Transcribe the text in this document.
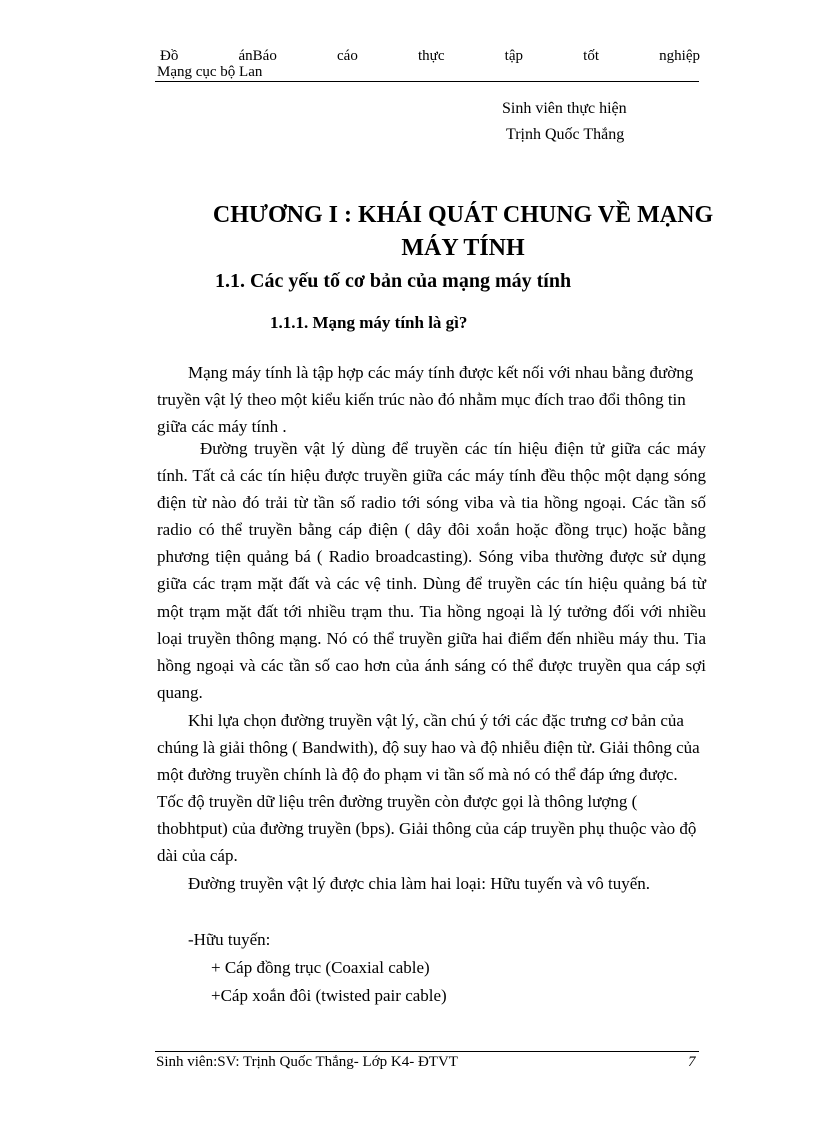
Đồ	ánBáo	cáo	thực	tập	tốt	nghiệp
Mạng cục bộ Lan
Sinh viên thực hiện
Trịnh Quốc Thắng
CHƯƠNG I : KHÁI QUÁT CHUNG VỀ MẠNG
MÁY TÍNH
1.1. Các yếu tố cơ bản của mạng máy tính
1.1.1. Mạng máy tính là gì?

Mạng máy tính là tập hợp các máy tính được kết nối với nhau bằng đường truyền vật lý theo một kiểu kiến trúc nào đó nhằm mục đích trao đổi thông tin giữa các máy tính .

Đường truyền vật lý dùng để truyền các tín hiệu điện tử giữa các máy tính. Tất cả các tín hiệu được truyền giữa các máy tính đều thộc một dạng sóng điện từ nào đó trải từ tần số radio tới sóng viba và tia hồng ngoại. Các tần số radio có thể truyền bằng cáp điện ( dây đôi xoắn hoặc đồng trục) hoặc bằng phương tiện quảng bá ( Radio broadcasting). Sóng viba thường được sử dụng giữa các trạm mặt đất và các vệ tinh. Dùng để truyền các tín hiệu quảng bá từ một trạm mặt đất tới nhiều trạm thu. Tia hồng ngoại là lý tưởng đối với nhiều loại truyền thông mạng. Nó có thể truyền giữa hai điểm đến nhiều máy thu. Tia hồng ngoại và các tần số cao hơn của ánh sáng có thể được truyền qua cáp sợi quang.

Khi lựa chọn đường truyền vật lý, cần chú ý tới các đặc trưng cơ bản của chúng là giải thông ( Bandwith), độ suy hao và độ nhiễu điện từ. Giải thông của một đường truyền chính là độ đo phạm vi tần số mà nó có thể đáp ứng được. Tốc độ truyền dữ liệu trên đường truyền còn được gọi là thông lượng ( thobhtput) của đường truyền (bps). Giải thông của cáp truyền phụ thuộc vào độ dài của cáp.

Đường truyền vật lý được chia làm hai loại: Hữu tuyến và vô tuyến.

-Hữu tuyến:
+ Cáp đồng trục (Coaxial cable)
+Cáp xoắn đôi (twisted pair cable)
Sinh viên:SV: Trịnh Quốc Thắng- Lớp K4- ĐTVT	7
